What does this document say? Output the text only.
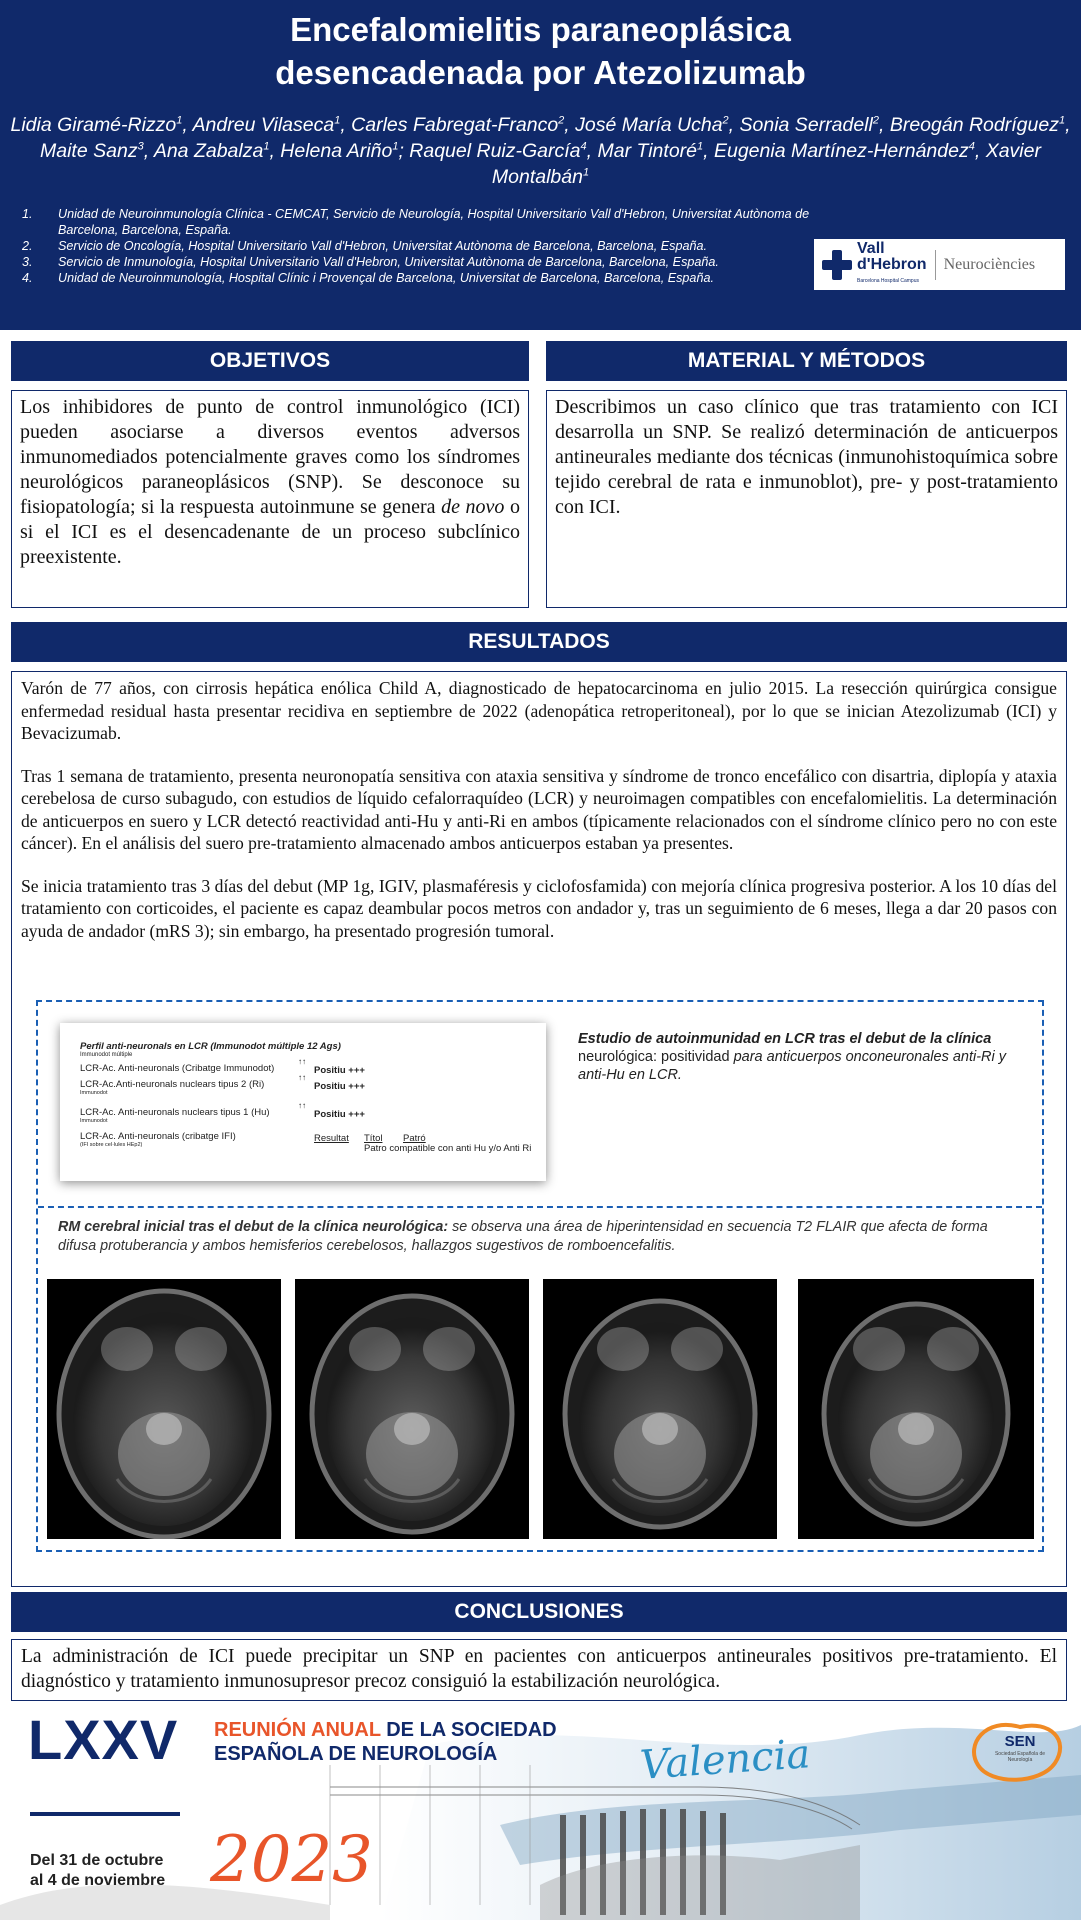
Encefalomielitis paraneoplásica
desencadenada por Atezolizumab
Lidia Giramé-Rizzo$^1$, Andreu Vilaseca$^1$, Carles Fabregat-Franco$^2$, José María Ucha$^2$, Sonia Serradell$^2$, Breogán Rodríguez$^1$, Maite Sanz$^3$, Ana Zabalza$^1$, Helena Ariño$^1$; Raquel Ruiz-García$^4$, Mar Tintoré$^1$, Eugenia Martínez-Hernández$^4$, Xavier Montalbán$^1$
1. Unidad de Neuroinmunología Clínica - CEMCAT, Servicio de Neurología, Hospital Universitario Vall d'Hebron, Universitat Autònoma de Barcelona, Barcelona, España.
2. Servicio de Oncología, Hospital Universitario Vall d'Hebron, Universitat Autònoma de Barcelona, Barcelona, España.
3. Servicio de Inmunología, Hospital Universitario Vall d'Hebron, Universitat Autònoma de Barcelona, Barcelona, España.
4. Unidad de Neuroinmunología, Hospital Clínic i Provençal de Barcelona, Universitat de Barcelona, Barcelona, España.
Vall
d'Hebron
Barcelona Hospital Campus
Neurociències
OBJETIVOS

Los inhibidores de punto de control inmunológico (ICI) pueden asociarse a diversos eventos adversos inmunomediados potencialmente graves como los síndromes neurológicos paraneoplásicos (SNP). Se desconoce su fisiopatología; si la respuesta autoinmune se genera de novo o si el ICI es el desencadenante de un proceso subclínico preexistente.

MATERIAL Y MÉTODOS

Describimos un caso clínico que tras tratamiento con ICI desarrolla un SNP. Se realizó determinación de anticuerpos antineurales mediante dos técnicas (inmunohistoquímica sobre tejido cerebral de rata e inmunoblot), pre- y post-tratamiento con ICI.

RESULTADOS

Varón de 77 años, con cirrosis hepática enólica Child A, diagnosticado de hepatocarcinoma en julio 2015. La resección quirúrgica consigue enfermedad residual hasta presentar recidiva en septiembre de 2022 (adenopática retroperitoneal), por lo que se inician Atezolizumab (ICI) y Bevacizumab.

Tras 1 semana de tratamiento, presenta neuronopatía sensitiva con ataxia sensitiva y síndrome de tronco encefálico con disartria, diplopía y ataxia cerebelosa de curso subagudo, con estudios de líquido cefalorraquídeo (LCR) y neuroimagen compatibles con encefalomielitis. La determinación de anticuerpos en suero y LCR detectó reactividad anti-Hu y anti-Ri en ambos (típicamente relacionados con el síndrome clínico pero no con este cáncer). En el análisis del suero pre-tratamiento almacenado ambos anticuerpos estaban ya presentes.

Se inicia tratamiento tras 3 días del debut (MP 1g, IGIV, plasmaféresis y ciclofosfamida) con mejoría clínica progresiva posterior. A los 10 días del tratamiento con corticoides, el paciente es capaz deambular pocos metros con andador y, tras un seguimiento de 6 meses, llega a dar 20 pasos con ayuda de andador (mRS 3); sin embargo, ha presentado progresión tumoral.

Perfil anti-neuronals en LCR (Immunodot múltiple 12 Ags)
Immunodot múltiple
LCR-Ac. Anti-neuronals (Cribatge Immunodot)
↑↑
Positiu +++
LCR-Ac.Anti-neuronals nuclears tipus 2 (Ri)
Immunodot
↑↑
Positiu +++
LCR-Ac. Anti-neuronals nuclears tipus 1 (Hu)
Immunodot
↑↑
Positiu +++
LCR-Ac. Anti-neuronals (cribatge IFI)
(IFI sobre cel·lules HEp2)
Resultat Títol Patró
Patro compatible con anti Hu y/o Anti Ri
Estudio de autoinmunidad en LCR tras el debut de la clínica
neurológica: positividad para anticuerpos onconeuronales anti-Ri y anti-Hu en LCR.
RM cerebral inicial tras el debut de la clínica neurológica: se observa una área de hiperintensidad en secuencia T2 FLAIR que afecta de forma difusa protuberancia y ambos hemisferios cerebelosos, hallazgos sugestivos de romboencefalitis.
CONCLUSIONES

La administración de ICI puede precipitar un SNP en pacientes con anticuerpos antineurales positivos pre-tratamiento. El diagnóstico y tratamiento inmunosupresor precoz consiguió la estabilización neurológica.

LXXV REUNIÓN ANUAL DE LA SOCIEDAD
ESPAÑOLA DE NEUROLOGÍA
Del 31 de octubre
al 4 de noviembre 2023
Valencia	SEN
Sociedad Española de Neurología
